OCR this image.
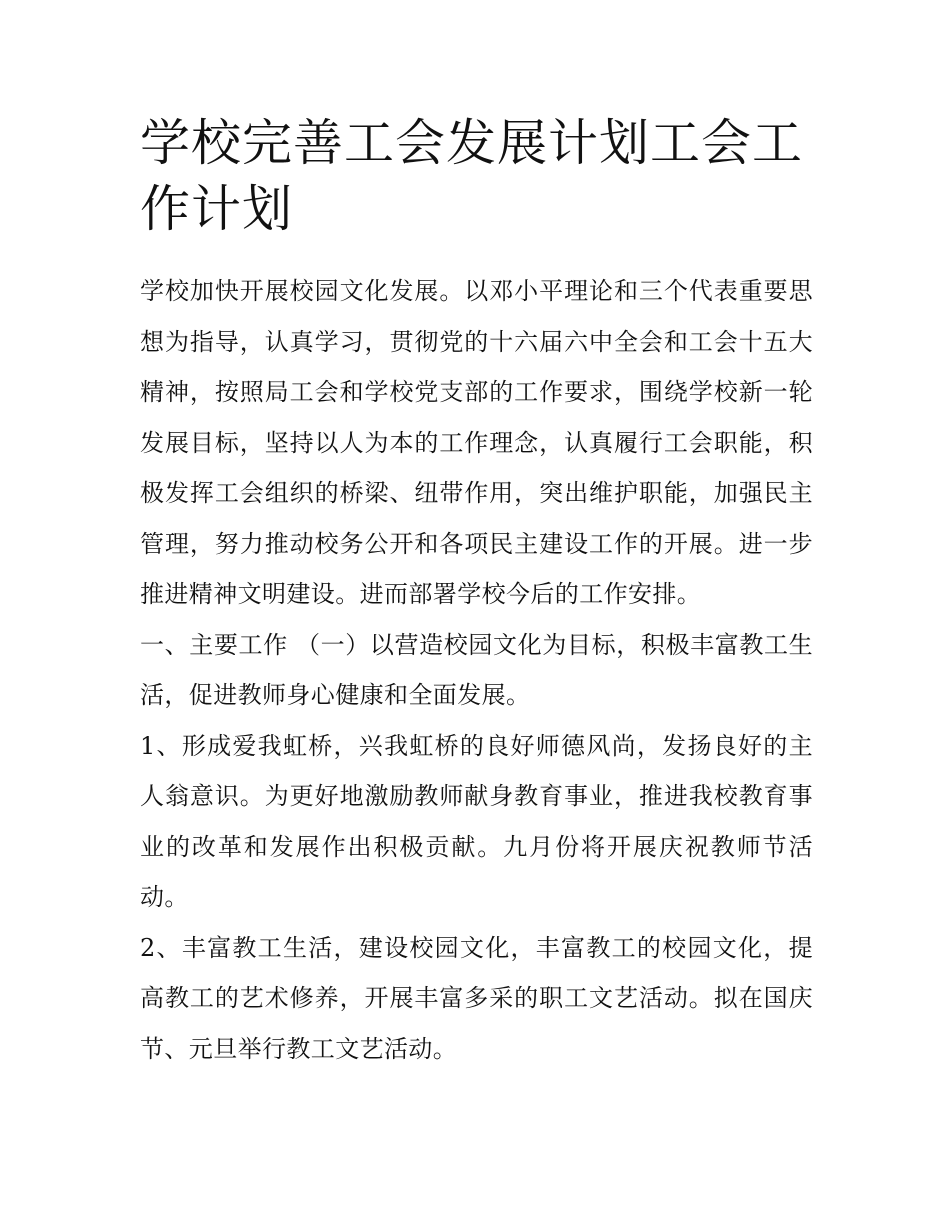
学校完善工会发展计划工会工作计划

学校加快开展校园文化发展。以邓小平理论和三个代表重要思想为指导，认真学习，贯彻党的十六届六中全会和工会十五大精神，按照局工会和学校党支部的工作要求，围绕学校新一轮发展目标，坚持以人为本的工作理念，认真履行工会职能，积极发挥工会组织的桥梁、纽带作用，突出维护职能，加强民主管理，努力推动校务公开和各项民主建设工作的开展。进一步推进精神文明建设。进而部署学校今后的工作安排。

一、主要工作 （一）以营造校园文化为目标，积极丰富教工生活，促进教师身心健康和全面发展。

1、形成爱我虹桥，兴我虹桥的良好师德风尚，发扬良好的主人翁意识。为更好地激励教师献身教育事业，推进我校教育事业的改革和发展作出积极贡献。九月份将开展庆祝教师节活动。

2、丰富教工生活，建设校园文化，丰富教工的校园文化，提高教工的艺术修养，开展丰富多采的职工文艺活动。拟在国庆节、元旦举行教工文艺活动。
